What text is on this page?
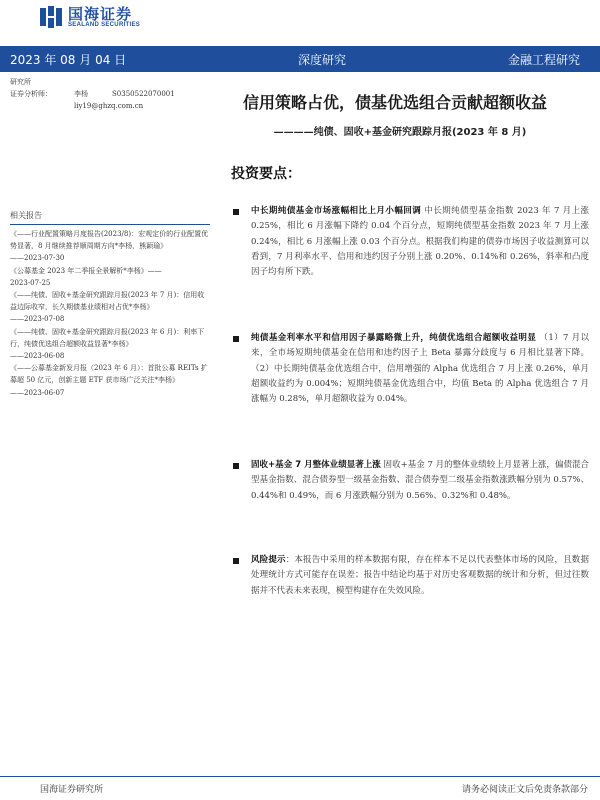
国海证券
SEALAND SECURITIES
2023 年 08 月 04 日	深度研究	金融工程研究
研究所
证券分析师：	李杨	S0350522070001
liy19@ghzq.com.cn	信用策略占优，债基优选组合贡献超额收益
————纯债、固收+基金研究跟踪月报(2023 年 8 月)
投资要点：
相关报告
《——行业配置策略月度报告(2023/8)：宏观定价的行业配置优势显著，8 月继续推荐顺周期方向*李杨，熊颖瑜》
——2023-07-30
《公募基金 2023 年二季报全景解析*李杨》——
2023-07-25
《——纯债、固收+基金研究跟踪月报(2023 年 7 月)：信用收益边际收窄，长久期债基业绩相对占优*李杨》
——2023-07-08
《——纯债、固收+基金研究跟踪月报(2023 年 6 月)：利率下行，纯债优选组合超额收益显著*李杨》
——2023-06-08
《——公募基金新发月报（2023 年 6 月）：首批公募 REITs 扩募超 50 亿元，创新主题 ETF 获市场广泛关注*李杨》
——2023-06-07
中长期纯债基金市场涨幅相比上月小幅回调 中长期纯债型基金指数 2023 年 7 月上涨 0.25%，相比 6 月涨幅下降约 0.04 个百分点，短期纯债型基金指数 2023 年 7 月上涨 0.24%，相比 6 月涨幅上涨 0.03 个百分点。根据我们构建的债券市场因子收益测算可以看到，7 月利率水平、信用和违约因子分别上涨 0.20%、0.14%和 0.26%，斜率和凸度因子均有所下跌。
纯债基金利率水平和信用因子暴露略微上升，纯债优选组合超额收益明显 （1）7 月以来，全市场短期纯债基金在信用和违约因子上 Beta 暴露分歧度与 6 月相比显著下降。（2）中长期纯债基金优选组合中，信用增强的 Alpha 优选组合 7 月上涨 0.26%，单月超额收益约为 0.004%；短期纯债基金优选组合中，均值 Beta 的 Alpha 优选组合 7 月涨幅为 0.28%，单月超额收益为 0.04%。
固收+基金 7 月整体业绩显著上涨 固收+基金 7 月的整体业绩较上月显著上涨，偏债混合型基金指数、混合债券型一级基金指数、混合债券型二级基金指数涨跌幅分别为 0.57%、0.44%和 0.49%，而 6 月涨跌幅分别为 0.56%、0.32%和 0.48%。
风险提示：本报告中采用的样本数据有限，存在样本不足以代表整体市场的风险，且数据处理统计方式可能存在误差；报告中结论均基于对历史客观数据的统计和分析，但过往数据并不代表未来表现，模型构建存在失效风险。
国海证券研究所	请务必阅读正文后免责条款部分
